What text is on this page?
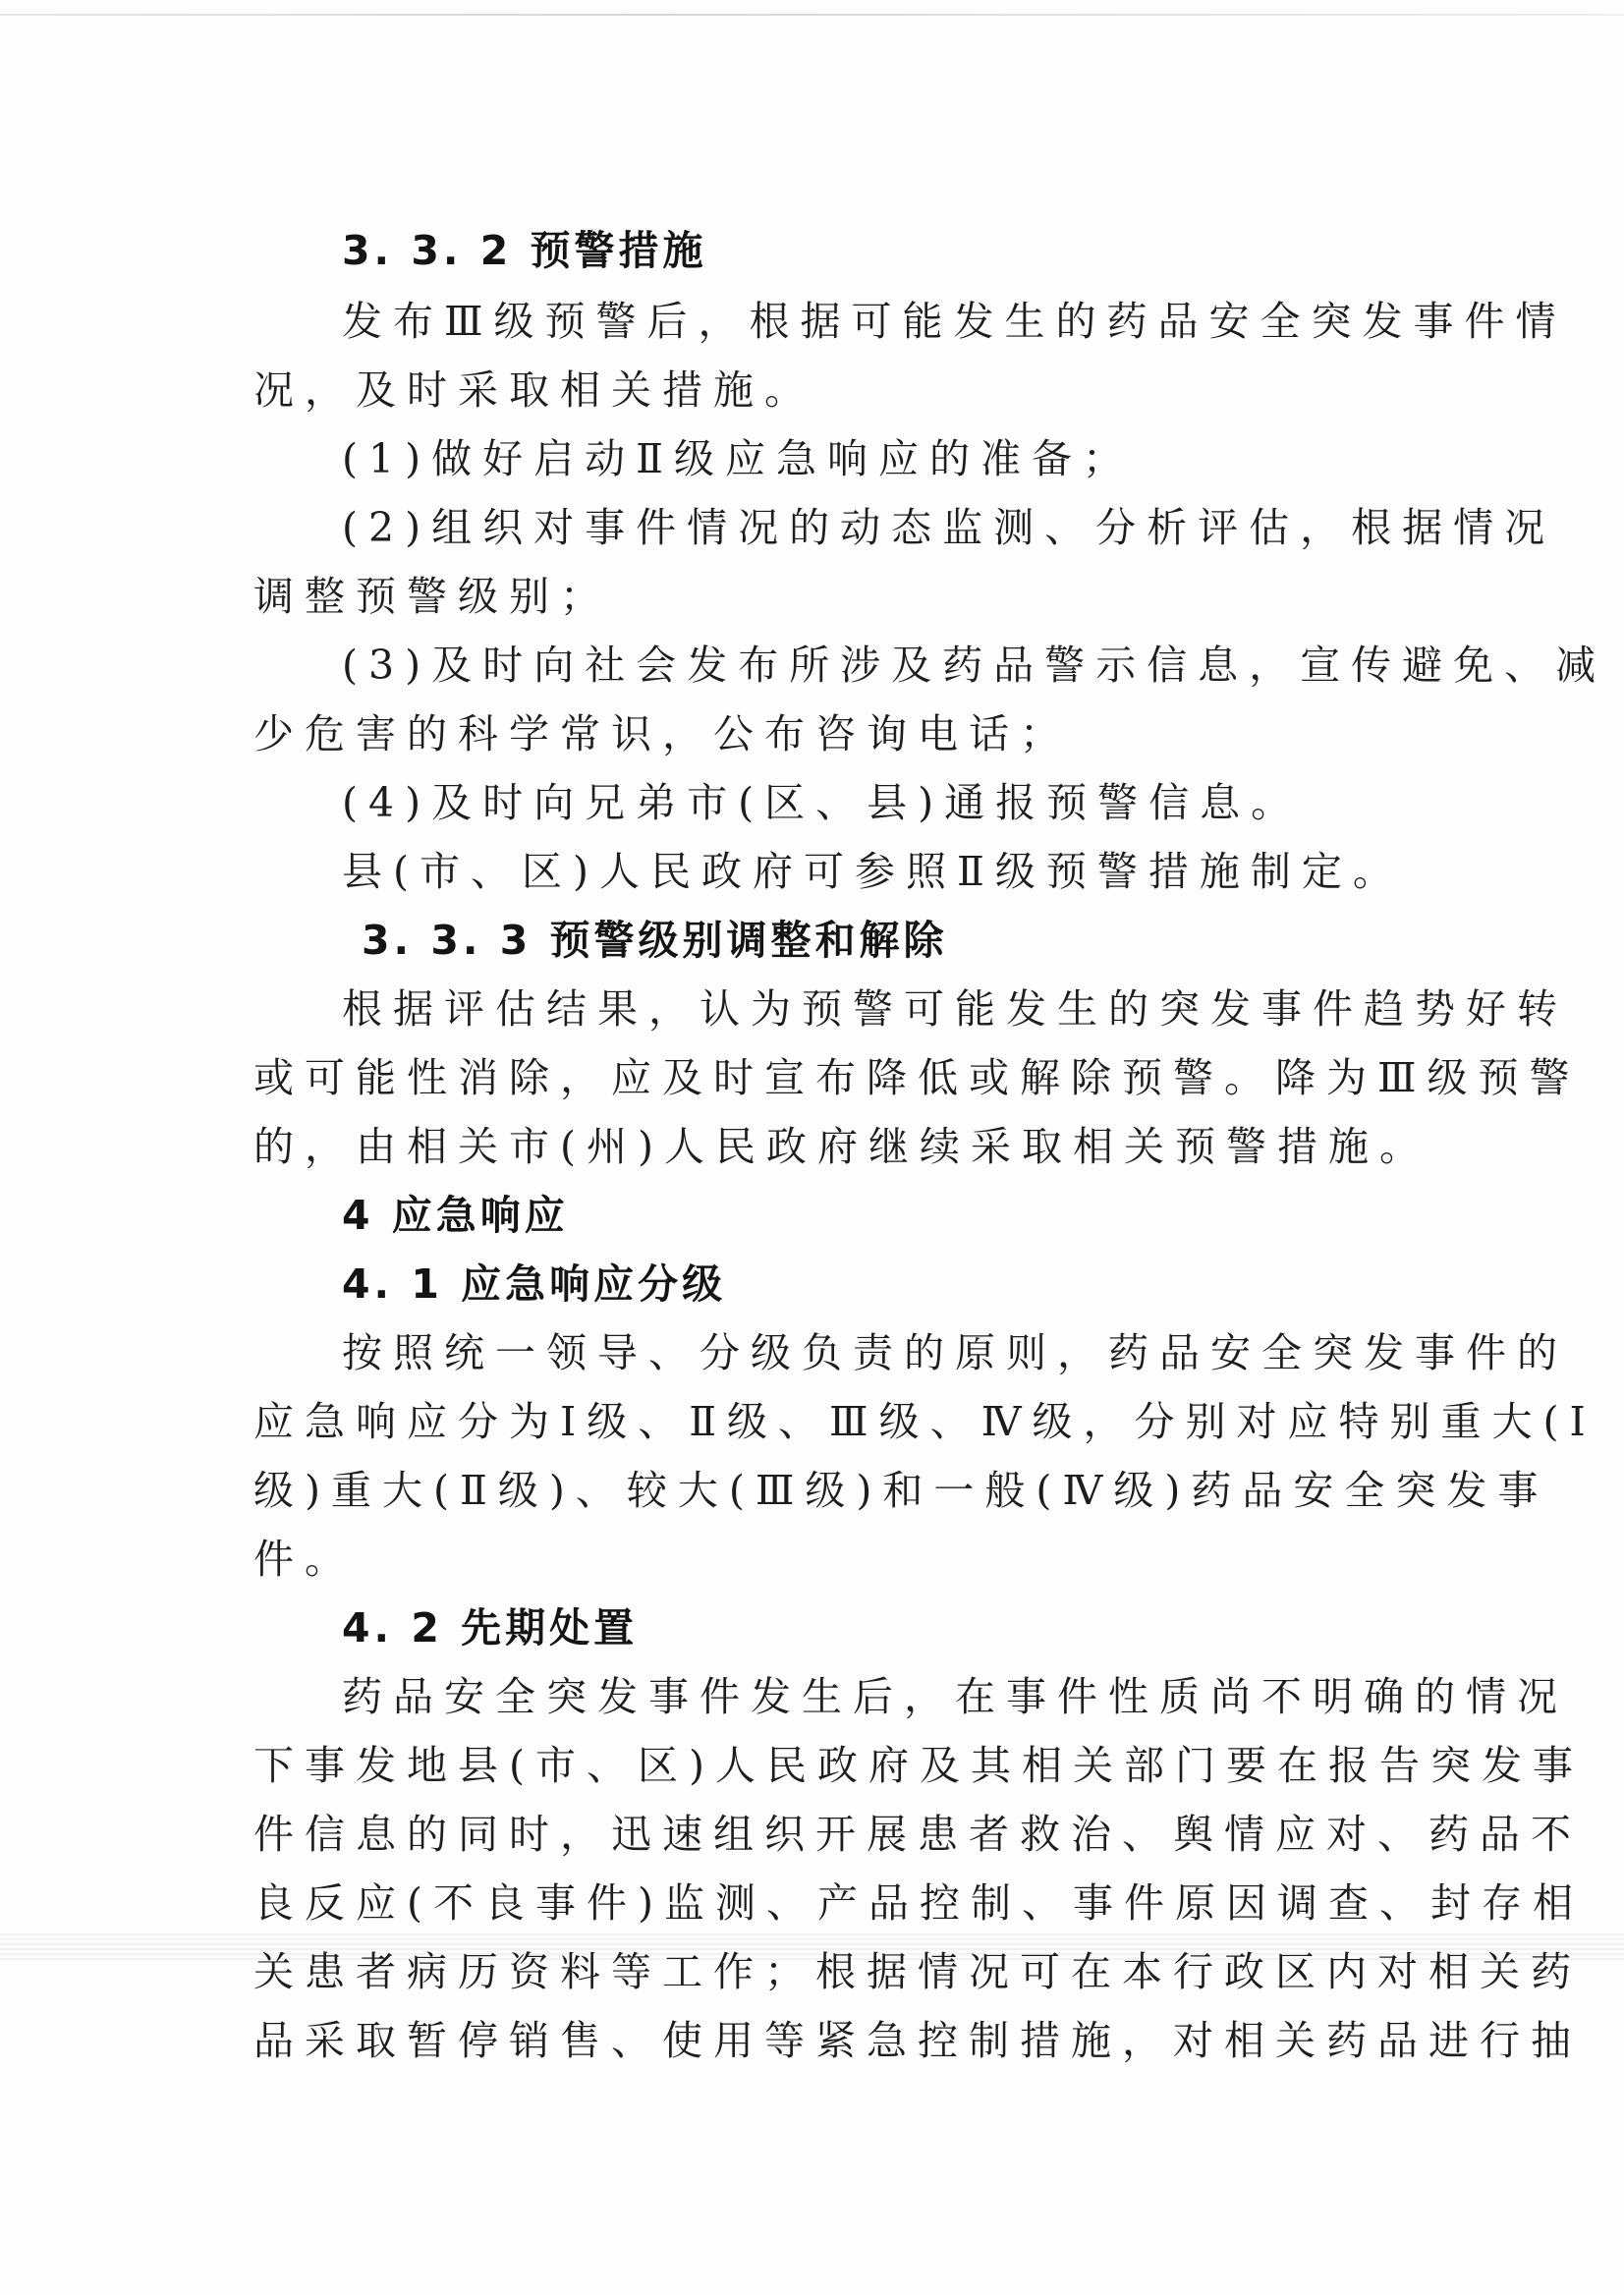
3. 3. 2 预警措施
发布Ⅲ级预警后，根据可能发生的药品安全突发事件情
况，及时采取相关措施。
(1)做好启动Ⅱ级应急响应的准备；
(2)组织对事件情况的动态监测、分析评估，根据情况
调整预警级别；
(3)及时向社会发布所涉及药品警示信息，宣传避免、减
少危害的科学常识，公布咨询电话；
(4)及时向兄弟市(区、县)通报预警信息。
县(市、区)人民政府可参照Ⅱ级预警措施制定。
3. 3. 3 预警级别调整和解除
根据评估结果，认为预警可能发生的突发事件趋势好转
或可能性消除，应及时宣布降低或解除预警。降为Ⅲ级预警
的，由相关市(州)人民政府继续采取相关预警措施。
4 应急响应
4. 1 应急响应分级
按照统一领导、分级负责的原则，药品安全突发事件的
应急响应分为Ⅰ级、Ⅱ级、Ⅲ级、Ⅳ级，分别对应特别重大(Ⅰ
级)重大(Ⅱ级)、较大(Ⅲ级)和一般(Ⅳ级)药品安全突发事
件。
4. 2 先期处置
药品安全突发事件发生后，在事件性质尚不明确的情况
下事发地县(市、区)人民政府及其相关部门要在报告突发事
件信息的同时，迅速组织开展患者救治、舆情应对、药品不
良反应(不良事件)监测、产品控制、事件原因调查、封存相
关患者病历资料等工作；根据情况可在本行政区内对相关药
品采取暂停销售、使用等紧急控制措施，对相关药品进行抽
